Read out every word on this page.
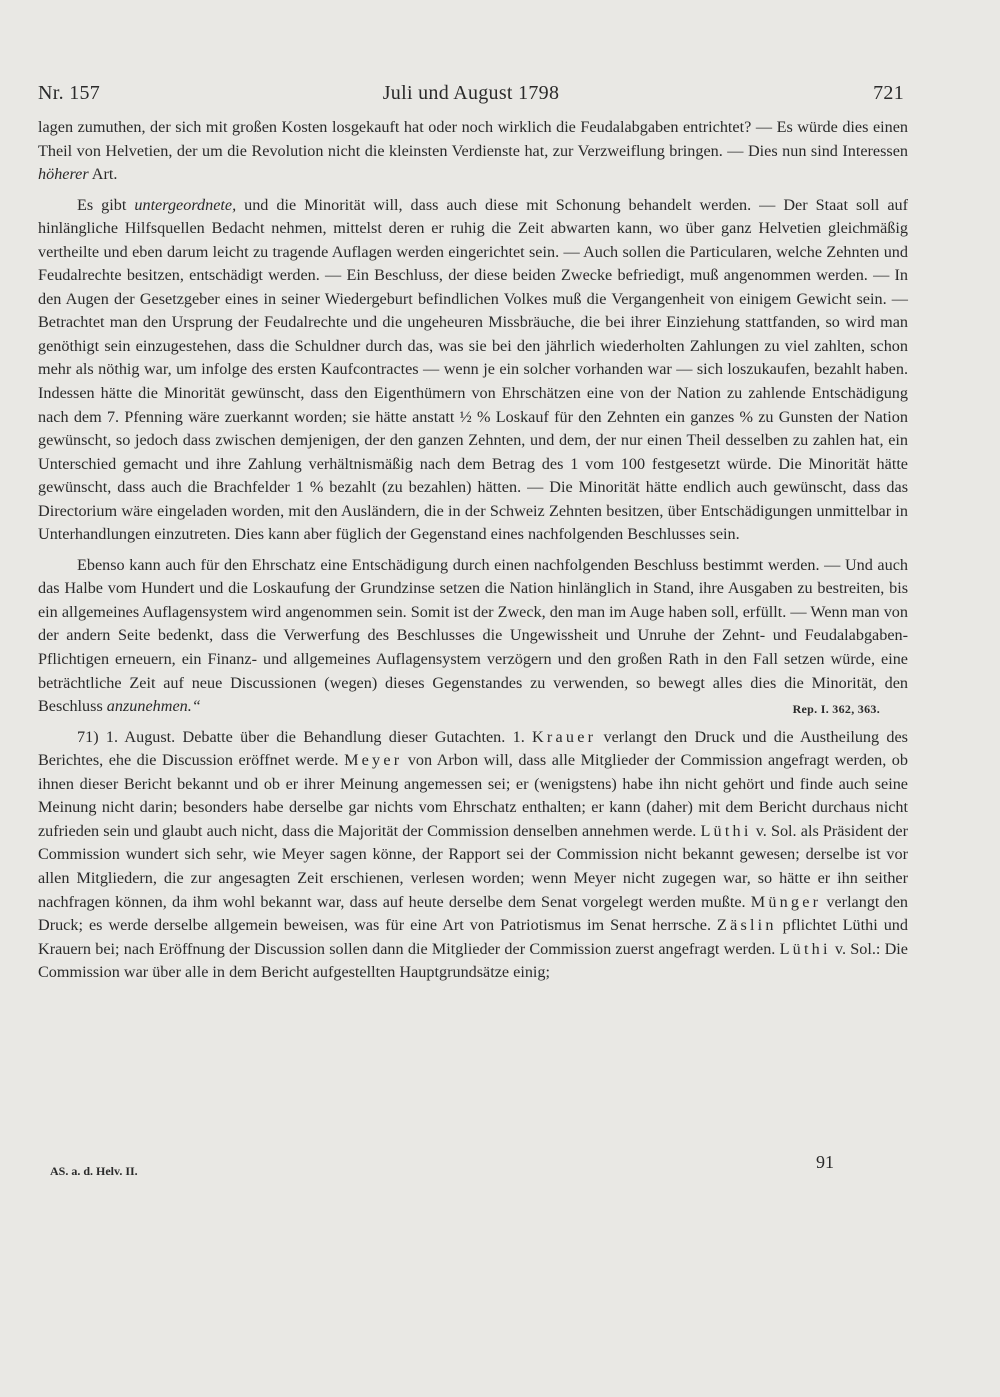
Nr. 157	Juli und August 1798	721

lagen zumuthen, der sich mit großen Kosten losgekauft hat oder noch wirklich die Feudalabgaben entrichtet? — Es würde dies einen Theil von Helvetien, der um die Revolution nicht die kleinsten Verdienste hat, zur Verzweiflung bringen. — Dies nun sind Interessen höherer Art.

Es gibt untergeordnete, und die Minorität will, dass auch diese mit Schonung behandelt werden. — Der Staat soll auf hinlängliche Hilfsquellen Bedacht nehmen, mittelst deren er ruhig die Zeit abwarten kann, wo über ganz Helvetien gleichmäßig vertheilte und eben darum leicht zu tragende Auflagen werden eingerichtet sein. — Auch sollen die Particularen, welche Zehnten und Feudalrechte besitzen, entschädigt werden. — Ein Beschluss, der diese beiden Zwecke befriedigt, muß angenommen werden. — In den Augen der Gesetzgeber eines in seiner Wiedergeburt befindlichen Volkes muß die Vergangenheit von einigem Gewicht sein. — Betrachtet man den Ursprung der Feudalrechte und die ungeheuren Missbräuche, die bei ihrer Einziehung stattfanden, so wird man genöthigt sein einzugestehen, dass die Schuldner durch das, was sie bei den jährlich wiederholten Zahlungen zu viel zahlten, schon mehr als nöthig war, um infolge des ersten Kaufcontractes — wenn je ein solcher vorhanden war — sich loszukaufen, bezahlt haben. Indessen hätte die Minorität gewünscht, dass den Eigenthümern von Ehrschätzen eine von der Nation zu zahlende Entschädigung nach dem 7. Pfenning wäre zuerkannt worden; sie hätte anstatt ½ % Loskauf für den Zehnten ein ganzes % zu Gunsten der Nation gewünscht, so jedoch dass zwischen demjenigen, der den ganzen Zehnten, und dem, der nur einen Theil desselben zu zahlen hat, ein Unterschied gemacht und ihre Zahlung verhältnismäßig nach dem Betrag des 1 vom 100 festgesetzt würde. Die Minorität hätte gewünscht, dass auch die Brachfelder 1 % bezahlt (zu bezahlen) hätten. — Die Minorität hätte endlich auch gewünscht, dass das Directorium wäre eingeladen worden, mit den Ausländern, die in der Schweiz Zehnten besitzen, über Entschädigungen unmittelbar in Unterhandlungen einzutreten. Dies kann aber füglich der Gegenstand eines nachfolgenden Beschlusses sein.

Ebenso kann auch für den Ehrschatz eine Entschädigung durch einen nachfolgenden Beschluss bestimmt werden. — Und auch das Halbe vom Hundert und die Loskaufung der Grundzinse setzen die Nation hinlänglich in Stand, ihre Ausgaben zu bestreiten, bis ein allgemeines Auflagensystem wird angenommen sein. Somit ist der Zweck, den man im Auge haben soll, erfüllt. — Wenn man von der andern Seite bedenkt, dass die Verwerfung des Beschlusses die Ungewissheit und Unruhe der Zehnt- und Feudalabgaben-Pflichtigen erneuern, ein Finanz- und allgemeines Auflagensystem verzögern und den großen Rath in den Fall setzen würde, eine beträchtliche Zeit auf neue Discussionen (wegen) dieses Gegenstandes zu verwenden, so bewegt alles dies die Minorität, den Beschluss anzunehmen.“	Rep. I. 362, 363.

71) 1. August. Debatte über die Behandlung dieser Gutachten. 1. Krauer verlangt den Druck und die Austheilung des Berichtes, ehe die Discussion eröffnet werde. Meyer von Arbon will, dass alle Mitglieder der Commission angefragt werden, ob ihnen dieser Bericht bekannt und ob er ihrer Meinung angemessen sei; er (wenigstens) habe ihn nicht gehört und finde auch seine Meinung nicht darin; besonders habe derselbe gar nichts vom Ehrschatz enthalten; er kann (daher) mit dem Bericht durchaus nicht zufrieden sein und glaubt auch nicht, dass die Majorität der Commission denselben annehmen werde. Lüthi v. Sol. als Präsident der Commission wundert sich sehr, wie Meyer sagen könne, der Rapport sei der Commission nicht bekannt gewesen; derselbe ist vor allen Mitgliedern, die zur angesagten Zeit erschienen, verlesen worden; wenn Meyer nicht zugegen war, so hätte er ihn seither nachfragen können, da ihm wohl bekannt war, dass auf heute derselbe dem Senat vorgelegt werden mußte. Münger verlangt den Druck; es werde derselbe allgemein beweisen, was für eine Art von Patriotismus im Senat herrsche. Zäslin pflichtet Lüthi und Krauern bei; nach Eröffnung der Discussion sollen dann die Mitglieder der Commission zuerst angefragt werden. Lüthi v. Sol.: Die Commission war über alle in dem Bericht aufgestellten Hauptgrundsätze einig;

AS. a. d. Helv. II.	91
